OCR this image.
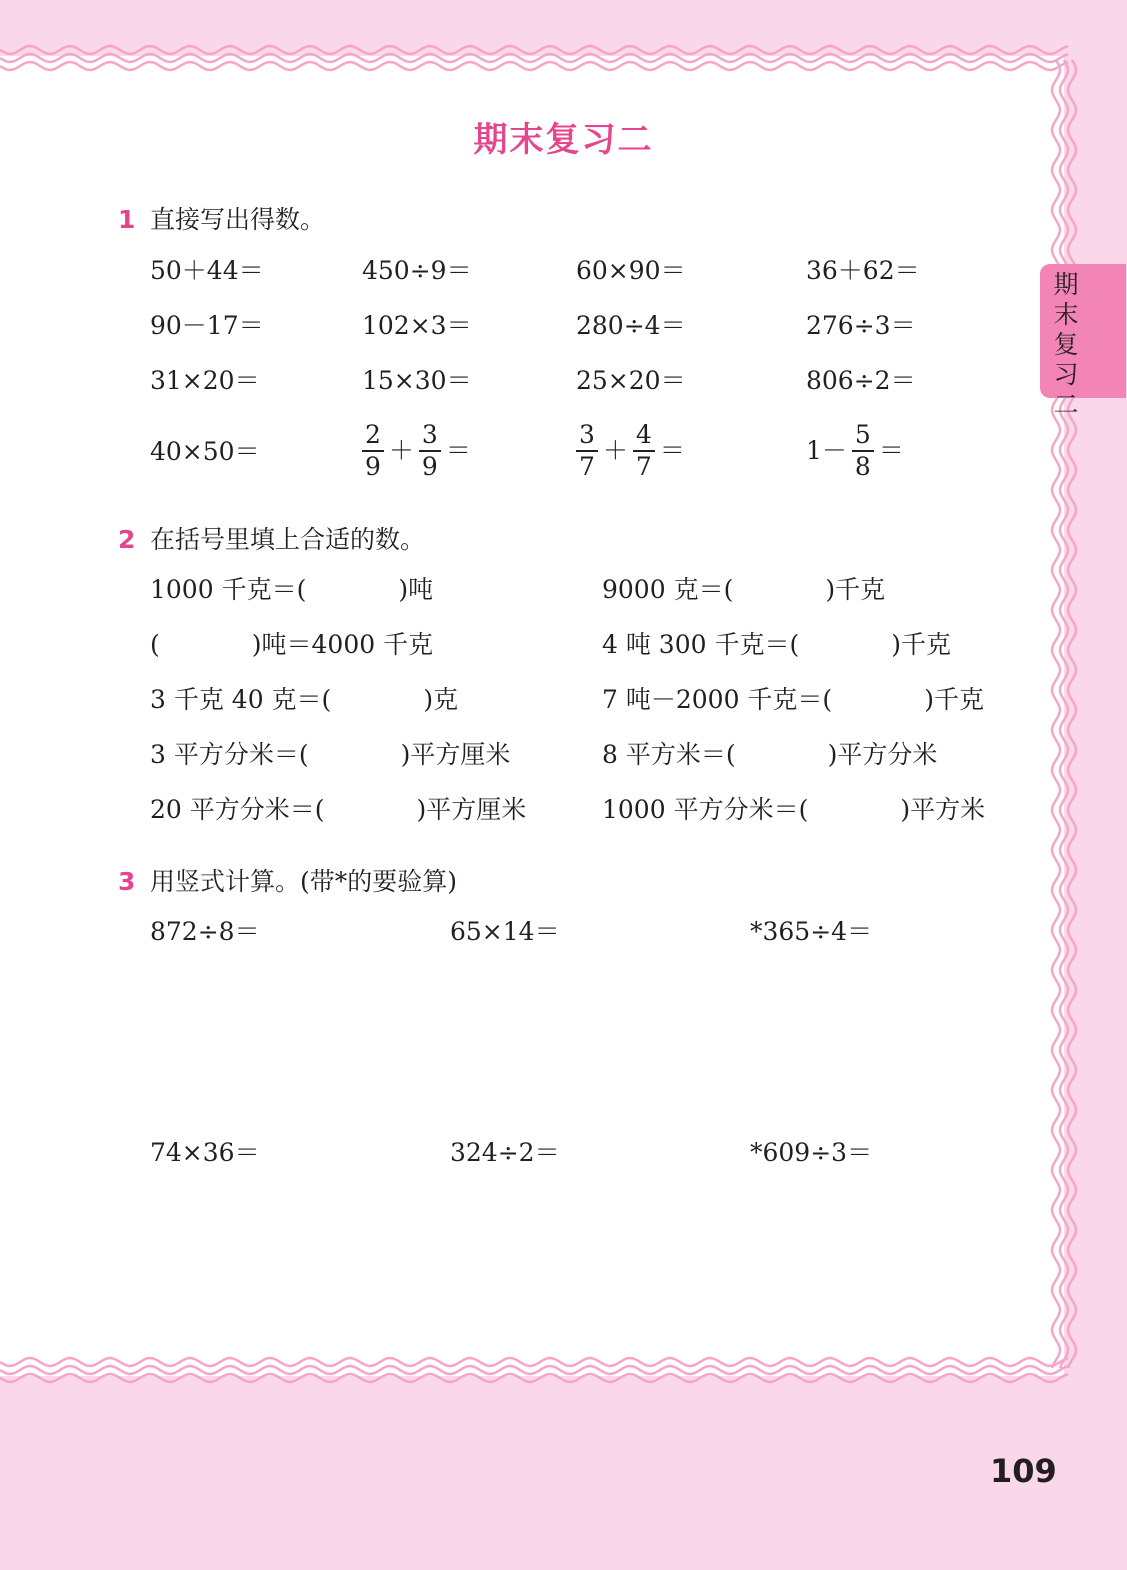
期末复习二
期末复习二
1 直接写出得数。
50＋44＝	450÷9＝	60×90＝	36＋62＝
90－17＝	102×3＝	280÷4＝	276÷3＝
31×20＝	15×30＝	25×20＝	806÷2＝
40×50＝	$\frac{2}{9} + \frac{3}{9}$ ＝	$\frac{3}{7} + \frac{4}{7}$ ＝	$1- \frac{5}{8}$ ＝
2 在括号里填上合适的数。
1000 千克＝(	)吨	9000 克＝(	)千克
(	)吨＝4000 千克	4 吨 300 千克＝(	)千克
3 千克 40 克＝(	)克	7 吨－2000 千克＝(	)千克
3 平方分米＝(	)平方厘米	8 平方米＝(	)平方分米
20 平方分米＝(	)平方厘米	1000 平方分米＝(	)平方米
3 用竖式计算。(带*的要验算)
872÷8＝	65×14＝	*365÷4＝
74×36＝	324÷2＝	*609÷3＝
109
